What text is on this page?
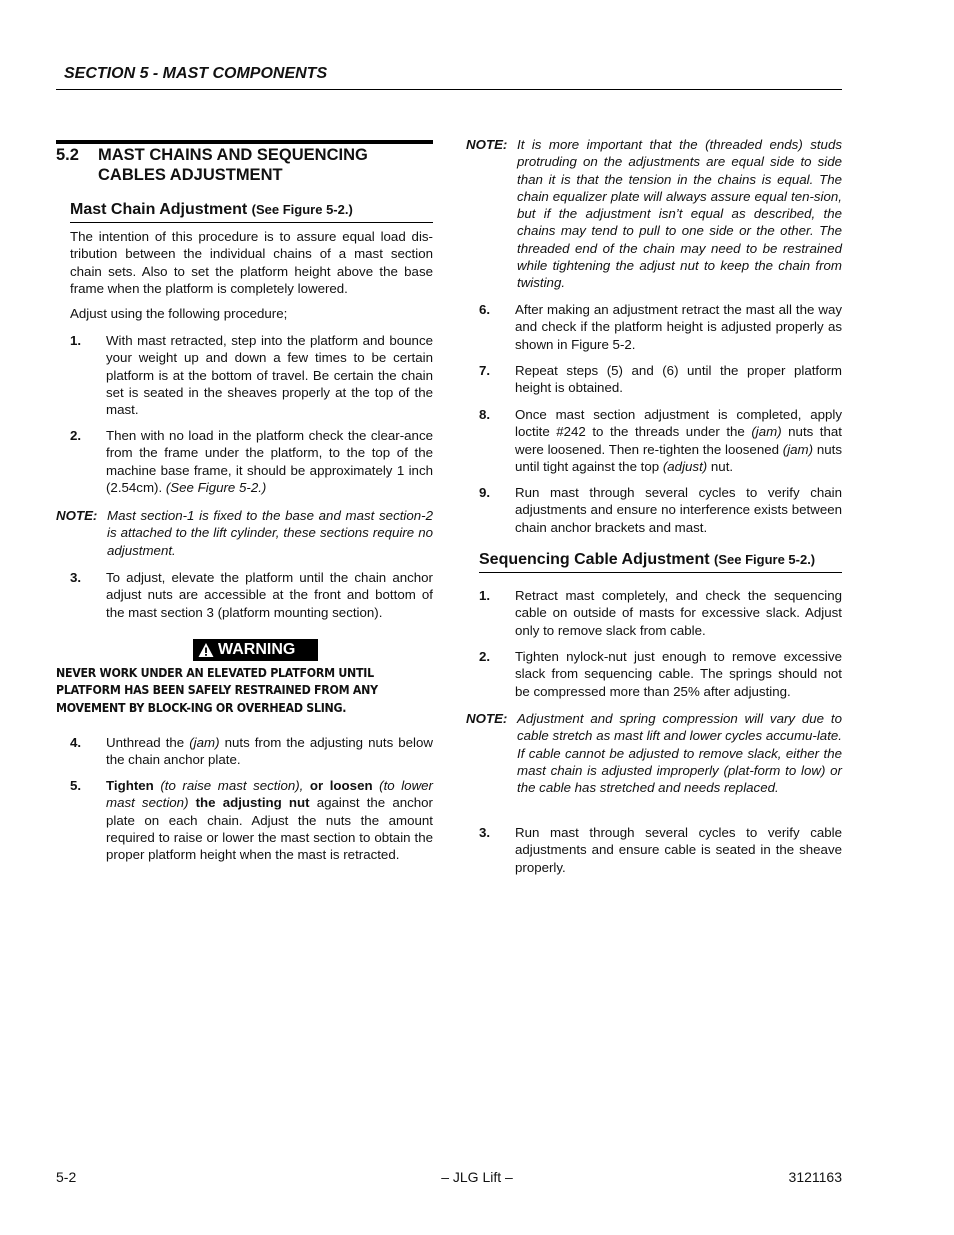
SECTION 5 - MAST COMPONENTS
5.2 MAST CHAINS AND SEQUENCING
CABLES ADJUSTMENT
Mast Chain Adjustment (See Figure 5-2.)

The intention of this procedure is to assure equal load dis-tribution between the individual chains of a mast section chain sets. Also to set the platform height above the base frame when the platform is completely lowered.

Adjust using the following procedure;

1.	With mast retracted, step into the platform and bounce your weight up and down a few times to be certain platform is at the bottom of travel. Be certain the chain set is seated in the sheaves properly at the top of the mast.
2.	Then with no load in the platform check the clear-ance from the frame under the platform, to the top of the machine base frame, it should be approximately 1 inch (2.54cm). (See Figure 5-2.)
NOTE: Mast section-1 is fixed to the base and mast section-2 is attached to the lift cylinder, these sections require no adjustment.
3.	To adjust, elevate the platform until the chain anchor adjust nuts are accessible at the front and bottom of the mast section 3 (platform mounting section).
WARNING
NEVER WORK UNDER AN ELEVATED PLATFORM UNTIL PLATFORM HAS BEEN SAFELY RESTRAINED FROM ANY MOVEMENT BY BLOCK-ING OR OVERHEAD SLING.
4.	Unthread the (jam) nuts from the adjusting nuts below the chain anchor plate.
5.	Tighten (to raise mast section), or loosen (to lower mast section) the adjusting nut against the anchor plate on each chain. Adjust the nuts the amount required to raise or lower the mast section to obtain the proper platform height when the mast is retracted.
NOTE: It is more important that the (threaded ends) studs protruding on the adjustments are equal side to side than it is that the tension in the chains is equal. The chain equalizer plate will always assure equal ten-sion, but if the adjustment isn’t equal as described, the chains may tend to pull to one side or the other. The threaded end of the chain may need to be restrained while tightening the adjust nut to keep the chain from twisting.
6.	After making an adjustment retract the mast all the way and check if the platform height is adjusted properly as shown in Figure 5-2.
7.	Repeat steps (5) and (6) until the proper platform height is obtained.
8.	Once mast section adjustment is completed, apply loctite #242 to the threads under the (jam) nuts that were loosened. Then re-tighten the loosened (jam) nuts until tight against the top (adjust) nut.
9.	Run mast through several cycles to verify chain adjustments and ensure no interference exists between chain anchor brackets and mast.
Sequencing Cable Adjustment (See Figure 5-2.)
1.	Retract mast completely, and check the sequencing cable on outside of masts for excessive slack. Adjust only to remove slack from cable.
2.	Tighten nylock-nut just enough to remove excessive slack from sequencing cable. The springs should not be compressed more than 25% after adjusting.
NOTE: Adjustment and spring compression will vary due to cable stretch as mast lift and lower cycles accumu-late. If cable cannot be adjusted to remove slack, either the mast chain is adjusted improperly (plat-form to low) or the cable has stretched and needs replaced.
3.	Run mast through several cycles to verify cable adjustments and ensure cable is seated in the sheave properly.
5-2	– JLG Lift –	3121163
